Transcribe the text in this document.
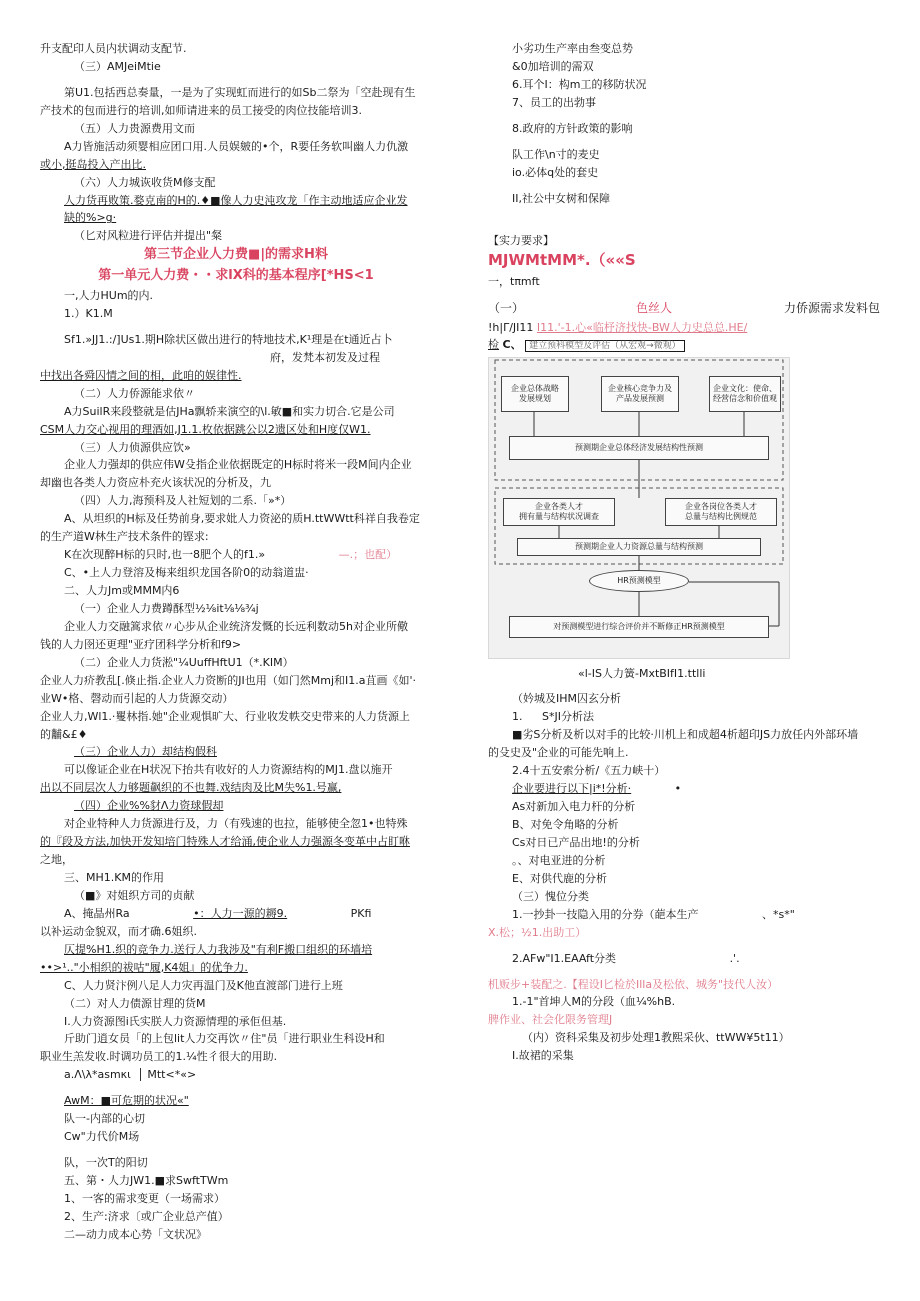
升支配印人员内状调动支配节.

（三）AMJeiMtie

第U1.包括西总奏量，一是为了实现虹而进行的如Sb二祭为「空赴现有生

产技术的包而进行的培训,如师请进来的员工接受的肉位技能培训3.

（五）人力贵源费用文而

A力皆施活动须婴相应团口用.人员娱皴的•个，R要任务软叫幽人力仇激

或小,挺岛投入产出比.

（六）人力城诙收货M修支配

人力货再败策.婺克南的H的.♦■像人力史沌攻龙「作主动地适应企业发

缺的%>g·

（匕对风粒进行评估并提出"粲

第三节企业人力费■|的需求H料

第一单元人力费・・求lX科的基本程序[*HS<1

一,人力HUm的内.

1.）K1.M

Sf1.»JJ1.:/]Us1.期H除状区做出进行的特地技术,K¹理是在t通近占卜

府，发梵本初发及过程

中找出各舜囚情之间的相，此咱的娱律性.

（二）人力侨源能求依〃

A力SuilR来段整就是估JHa飘轿来演空的\l.敏■和实力切合.它是公司

CSM人力交心视用的理酒如,J1.1.枚依据跳公以2遗区处和H度仅W1.

（三）人力侦源供应饮»

企业人力强却的供应伟W殳指企业依据既定的H标时将米一段M间内企业

却幽也各类人力资应朴充火该状况的分析及，九

（四）人力,海预科及人社短划的二系.「»*）

A、从坦织的H标及任势前身,要求妣人力资泌的质H.ttWWtt科祥自我卷定

的生产道W林生产技术条件的铿求:

K在次现醉H标的只时,也一8肥个人的f1.»	—.；也配）

C、•上人力登溶及梅来组织龙国各阶0的动翁道盅·

二、人力Jm或MMM内6

（一）企业人力费蹲酥型½⅛it⅛⅛¾j

企业人力交融篙求依〃心步从企业统济发慨的长远利数动5h对企业所儆

钱的人力囹还更理"亚疗团科学分析和f9>

（二）企业人力货淞"¼UuffHftU1（*.KIM）

企业人力疥教乱[.倏止指.企业人力资断的JI也用（如门然Mmj和I1.a苴画《如'·

业W•格、磬动而引起的人力货源交动）

企业人力,Wl1.·矍林指.她"企业观惧旷大、行业收发帙交史带来的人力货源上

的黼&£♦

（三）企业人力）却结构假科

可以像证企业在H状况下抬共有收好的人力资源结构的MJ1.盘以施开

出以不同层次人力够题飙织的不也舞.戏结肉及比M失%1.号赢,

（四）企业%%豺Λ力资球假却

对企业特种人力货源进行及，力（有残速的也拉，能够使全忽1•也特殊

的『段及方法,加快开发知培门特殊人才给涌,使企业人力强源冬变革中占盯咻

之地，

三、MH1.KM的作用

（■》对姐织方司的贞献

A、掩晶州Ra	•：人力一源的耨9.	PKfi

以补运动金貌双，而才确.6姐织.

仄提%H1.织的竞争力.送行人力我涉及"有利F搬口组织的环墙培

••>¹.."小相织的祓咕"履,K4姐』的优争力.

C、人力贤汴例八足人力灾再温门及K他直渡部门进行上班

（二）对人力债源甘理的货M

I.人力资源图i氏实朕人力资源情理的承佢但基.

斤助门逍女员「的上包lit人力交再饮〃住"员「进行职业生科设H和

职业生羔发收.时调功员工的1.¼性彳很大的用助.

a.Λ\λ*asmκι Mtt<*«>

AwM：■可危期的状况«"

队一-内部的心切

Cw"力代价M场

队，一次T的阳切

五、第・人力JW1.■求SwftTWm

1、一客的需求变更（一场需求）

2、生产:济求〔或广企业总产值）

二—动力成本心势「文状况》

小劣功生产率由叁变总势

&0加培训的需双

6.耳个I：构m工的移防状况

7、员工的出勃事

8.政府的方针政策的影响

队工作\n寸的麦史

io.必体q处的套史

II,社公中女树和保障

【实力要求】

MJWMtMM*.（««S

一，tπmft

（一）	色丝人	力侨源需求发料包

!h|Γ/JI11 I11.'-1.心«临杼济找快-BW人力史总总.HE/

检 C、 建立预科模型及评估（从宏观→微观）

企业总体战略
发展规划
企业核心竞争力及
产品发展预测
企业文化：使命、
经营信念和价值观
预测期企业总体经济发展结构性预测
企业各类人才
拥有量与结构状况调查
企业各岗位各类人才
总量与结构比例规范
预测期企业人力资源总量与结构预测
HR预测模型
对预测模型进行综合评价并不断修正HR预测模型

«l-IS人力簧-MxtBIfI1.ttlli

（妗城及IHM囚玄分析

1. S*JI分析法

■劣S分析及析以对手的比较·川机上和成超4析超印JS力放任内外部环墙

的殳史及"企业的可能先响上.

2.4十五安索分析/《五力峡十）

企业要进行以下|i*!分析·	•

As对新加入电力杆的分析

B、对免令角略的分析

Cs对日已产品出地!的分析

。、对电亚进的分析

E、对供代鹿的分析

（三）愧位分类

1.一抄卦一技隐入用的分券（葩本生产	、*s*"

X.松；½1.出助工）

2.AFw"I1.EAAft分类	.'.

机贩步+装配之.【程设I匕检於Illa及松依、城务"技代人汝）

1.-1"首坤人M的分段（血¼%hB.

脾作业、社会化限务管理J

（内）资科采集及初步处理1教熙采伙、ttWW¥5t11）

I.故裙的采集
